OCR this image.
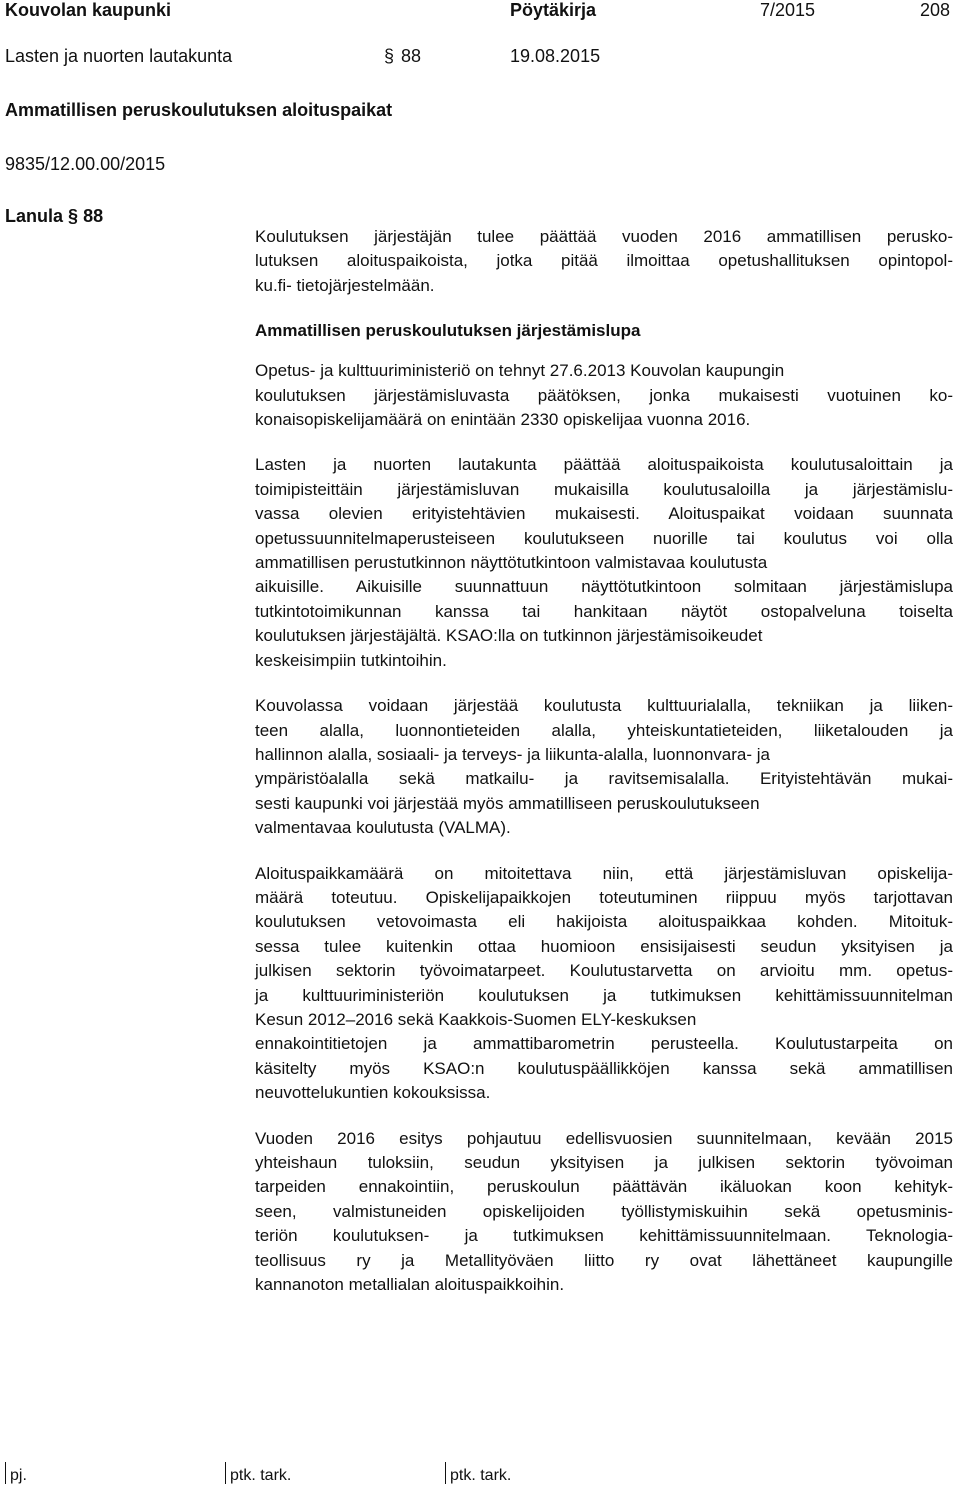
Kouvolan kaupunki	Pöytäkirja	7/2015	208
Lasten ja nuorten lautakunta	§ 88	19.08.2015
Ammatillisen peruskoulutuksen aloituspaikat
9835/12.00.00/2015
Lanula § 88

Koulutuksen järjestäjän tulee päättää vuoden 2016 ammatillisen perusko-
lutuksen aloituspaikoista, jotka pitää ilmoittaa opetushallituksen opintopol-
ku.fi- tietojärjestelmään.

Ammatillisen peruskoulutuksen järjestämislupa

Opetus- ja kulttuuriministeriö on tehnyt 27.6.2013 Kouvolan kaupungin
koulutuksen järjestämisluvasta päätöksen, jonka mukaisesti vuotuinen ko-
konaisopiskelijamäärä on enintään 2330 opiskelijaa vuonna 2016.

Lasten ja nuorten lautakunta päättää aloituspaikoista koulutusaloittain ja
toimipisteittäin järjestämisluvan mukaisilla koulutusaloilla ja järjestämislu-
vassa olevien erityistehtävien mukaisesti. Aloituspaikat voidaan suunnata
opetussuunnitelmaperusteiseen koulutukseen nuorille tai koulutus voi olla
ammatillisen perustutkinnon näyttötutkintoon valmistavaa koulutusta
aikuisille. Aikuisille suunnattuun näyttötutkintoon solmitaan järjestämislupa
tutkintotoimikunnan kanssa tai hankitaan näytöt ostopalveluna toiselta
koulutuksen järjestäjältä. KSAO:lla on tutkinnon järjestämisoikeudet
keskeisimpiin tutkintoihin.

Kouvolassa voidaan järjestää koulutusta kulttuurialalla, tekniikan ja liiken-
teen alalla, luonnontieteiden alalla, yhteiskuntatieteiden, liiketalouden ja
hallinnon alalla, sosiaali- ja terveys- ja liikunta-alalla, luonnonvara- ja
ympäristöalalla sekä matkailu- ja ravitsemisalalla. Erityistehtävän mukai-
sesti kaupunki voi järjestää myös ammatilliseen peruskoulutukseen
valmentavaa koulutusta (VALMA).

Aloituspaikkamäärä on mitoitettava niin, että järjestämisluvan opiskelija-
määrä toteutuu. Opiskelijapaikkojen toteutuminen riippuu myös tarjottavan
koulutuksen vetovoimasta eli hakijoista aloituspaikkaa kohden. Mitoituk-
sessa tulee kuitenkin ottaa huomioon ensisijaisesti seudun yksityisen ja
julkisen sektorin työvoimatarpeet. Koulutustarvetta on arvioitu mm. opetus-
ja kulttuuriministeriön koulutuksen ja tutkimuksen kehittämissuunnitelman
Kesun 2012–2016 sekä Kaakkois-Suomen ELY-keskuksen
ennakointitietojen ja ammattibarometrin perusteella. Koulutustarpeita on
käsitelty myös KSAO:n koulutuspäällikköjen kanssa sekä ammatillisen
neuvottelukuntien kokouksissa.

Vuoden 2016 esitys pohjautuu edellisvuosien suunnitelmaan, kevään 2015
yhteishaun tuloksiin, seudun yksityisen ja julkisen sektorin työvoiman
tarpeiden ennakointiin, peruskoulun päättävän ikäluokan koon kehityk-
seen, valmistuneiden opiskelijoiden työllistymiskuihin sekä opetusminis-
teriön koulutuksen- ja tutkimuksen kehittämissuunnitelmaan. Teknologia-
teollisuus ry ja Metallityöväen liitto ry ovat lähettäneet kaupungille
kannanoton metallialan aloituspaikkoihin.

pj.	ptk. tark.	ptk. tark.
